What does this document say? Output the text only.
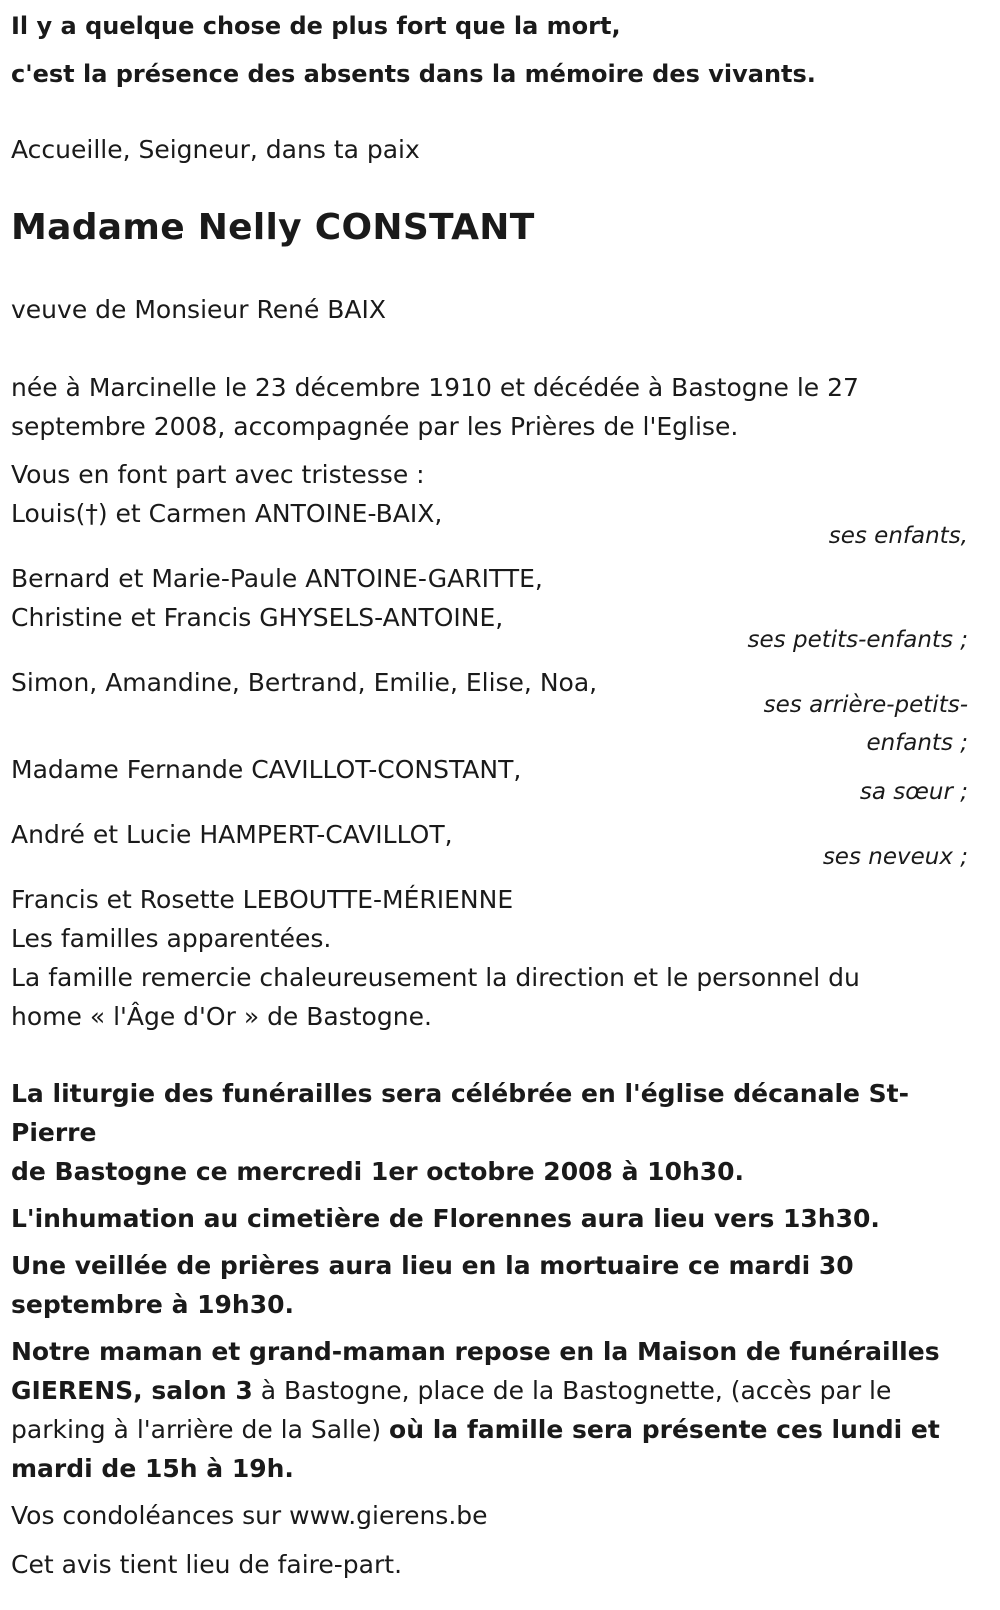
Il y a quelque chose de plus fort que la mort,
c'est la présence des absents dans la mémoire des vivants.
Accueille, Seigneur, dans ta paix
Madame Nelly CONSTANT
veuve de Monsieur René BAIX
née à Marcinelle le 23 décembre 1910 et décédée à Bastogne le 27
septembre 2008, accompagnée par les Prières de l'Eglise.
Vous en font part avec tristesse :
Louis(†) et Carmen ANTOINE-BAIX,
ses enfants,
Bernard et Marie-Paule ANTOINE-GARITTE,
Christine et Francis GHYSELS-ANTOINE,
ses petits-enfants ;
Simon, Amandine, Bertrand, Emilie, Elise, Noa,
ses arrière-petits-
enfants ;
Madame Fernande CAVILLOT-CONSTANT,
sa sœur ;
André et Lucie HAMPERT-CAVILLOT,
ses neveux ;
Francis et Rosette LEBOUTTE-MÉRIENNE
Les familles apparentées.
La famille remercie chaleureusement la direction et le personnel du
home « l'Âge d'Or » de Bastogne.
La liturgie des funérailles sera célébrée en l'église décanale St-Pierre
de Bastogne ce mercredi 1er octobre 2008 à 10h30.
L'inhumation au cimetière de Florennes aura lieu vers 13h30.
Une veillée de prières aura lieu en la mortuaire ce mardi 30
septembre à 19h30.
Notre maman et grand-maman repose en la Maison de funérailles
GIERENS, salon 3 à Bastogne, place de la Bastognette, (accès par le
parking à l'arrière de la Salle) où la famille sera présente ces lundi et
mardi de 15h à 19h.
Vos condoléances sur www.gierens.be
Cet avis tient lieu de faire-part.
